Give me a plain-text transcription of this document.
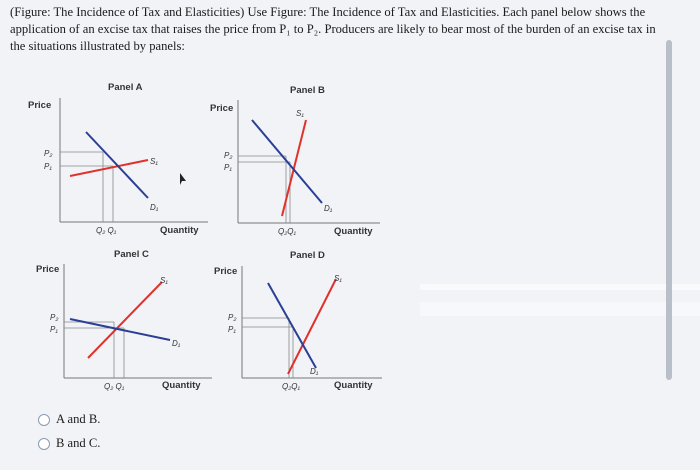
(Figure: The Incidence of Tax and Elasticities) Use Figure: The Incidence of Tax and Elasticities. Each panel below shows the application of an excise tax that raises the price from P₁ to P₂. Producers are likely to bear most of the burden of an excise tax in the situations illustrated by panels:
Panel A
Price
P₂
P₁
S₁
D₁
Q₂ Q₁	Quantity
Panel B
Price	S₁
P₂
P₁
D₁
Q₂Q₁	Quantity
Panel C
Price
S₁
P₂
P₁
D₁
Q₂ Q₁	Quantity
Panel D
Price
S₁
P₂
P₁
D₁
Q₂Q₁	Quantity
A and B.
B and C.
